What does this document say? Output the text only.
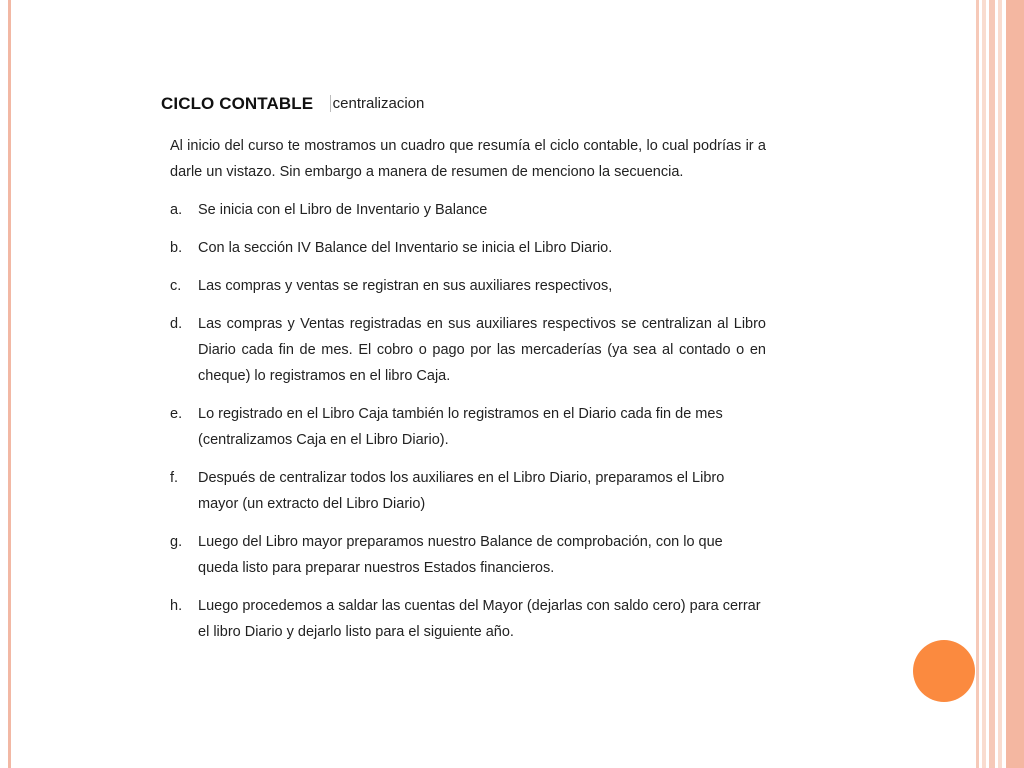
CICLO CONTABLE centralizacion

Al inicio del curso te mostramos un cuadro que resumía el ciclo contable, lo cual podrías ir a darle un vistazo. Sin embargo a manera de resumen de menciono la secuencia.

a.	Se inicia con el Libro de Inventario y Balance
b.	Con la sección IV Balance del Inventario se inicia el Libro Diario.
c.	Las compras y ventas se registran en sus auxiliares respectivos,
d.	Las compras y Ventas registradas en sus auxiliares respectivos se centralizan al Libro Diario cada fin de mes. El cobro o pago por las mercaderías (ya sea al contado o en cheque) lo registramos en el libro Caja.
e.	Lo registrado en el Libro Caja también lo registramos en el Diario cada fin de mes (centralizamos Caja en el Libro Diario).
f.	Después de centralizar todos los auxiliares en el Libro Diario, preparamos el Libro mayor (un extracto del Libro Diario)
g.	Luego del Libro mayor preparamos nuestro Balance de comprobación, con lo que queda listo para preparar nuestros Estados financieros.
h.	Luego procedemos a saldar las cuentas del Mayor (dejarlas con saldo cero) para cerrar el libro Diario y dejarlo listo para el siguiente año.
